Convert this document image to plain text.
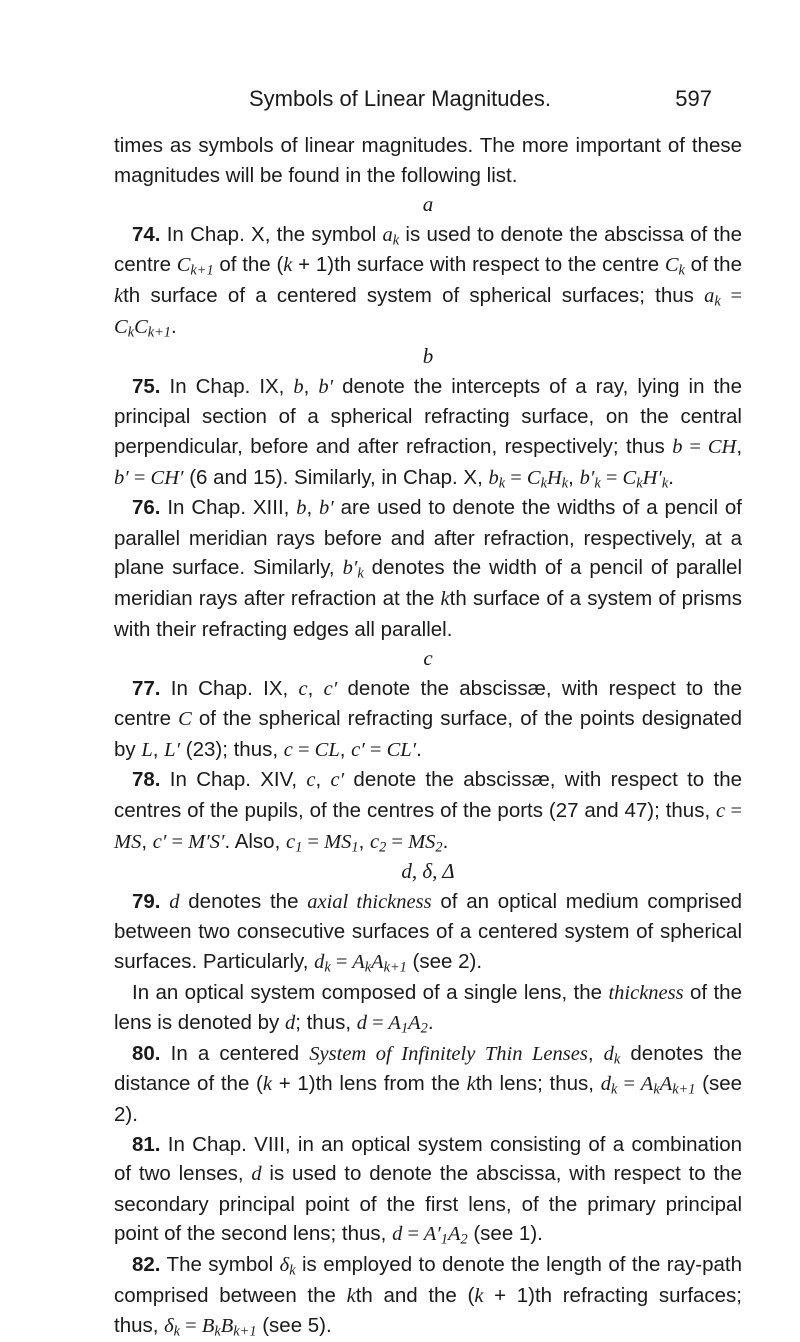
Symbols of Linear Magnitudes.	597

times as symbols of linear magnitudes. The more important of these magnitudes will be found in the following list.

a

74. In Chap. X, the symbol $a_k$ is used to denote the abscissa of the centre $C_{k+1}$ of the (k + 1)th surface with respect to the centre $C_k$ of the kth surface of a centered system of spherical surfaces; thus $a_k = C_kC_{k+1}$.

b

75. In Chap. IX, b, b′ denote the intercepts of a ray, lying in the principal section of a spherical refracting surface, on the central perpendicular, before and after refraction, respectively; thus b = CH, b′ = CH′ (6 and 15). Similarly, in Chap. X, $b_k = C_kH_k$, $b'_k = C_kH'_k$.

76. In Chap. XIII, b, b′ are used to denote the widths of a pencil of parallel meridian rays before and after refraction, respectively, at a plane surface. Similarly, $b'_k$ denotes the width of a pencil of parallel meridian rays after refraction at the kth surface of a system of prisms with their refracting edges all parallel.

c

77. In Chap. IX, c, c′ denote the abscissæ, with respect to the centre C of the spherical refracting surface, of the points designated by L, L′ (23); thus, c = CL, c′ = CL′.

78. In Chap. XIV, c, c′ denote the abscissæ, with respect to the centres of the pupils, of the centres of the ports (27 and 47); thus, c = MS, c′ = M′S′. Also, $c_1 = MS_1$, $c_2 = MS_2$.

d, δ, Δ

79. d denotes the axial thickness of an optical medium comprised between two consecutive surfaces of a centered system of spherical surfaces. Particularly, $d_k = A_kA_{k+1}$ (see 2).

In an optical system composed of a single lens, the thickness of the lens is denoted by d; thus, $d = A_1A_2$.

80. In a centered System of Infinitely Thin Lenses, $d_k$ denotes the distance of the (k + 1)th lens from the kth lens; thus, $d_k = A_kA_{k+1}$ (see 2).

81. In Chap. VIII, in an optical system consisting of a combination of two lenses, d is used to denote the abscissa, with respect to the secondary principal point of the first lens, of the primary principal point of the second lens; thus, $d = A'_1A_2$ (see 1).

82. The symbol $\delta_k$ is employed to denote the length of the ray-path comprised between the kth and the (k + 1)th refracting surfaces; thus, $\delta_k = B_kB_{k+1}$ (see 5).
